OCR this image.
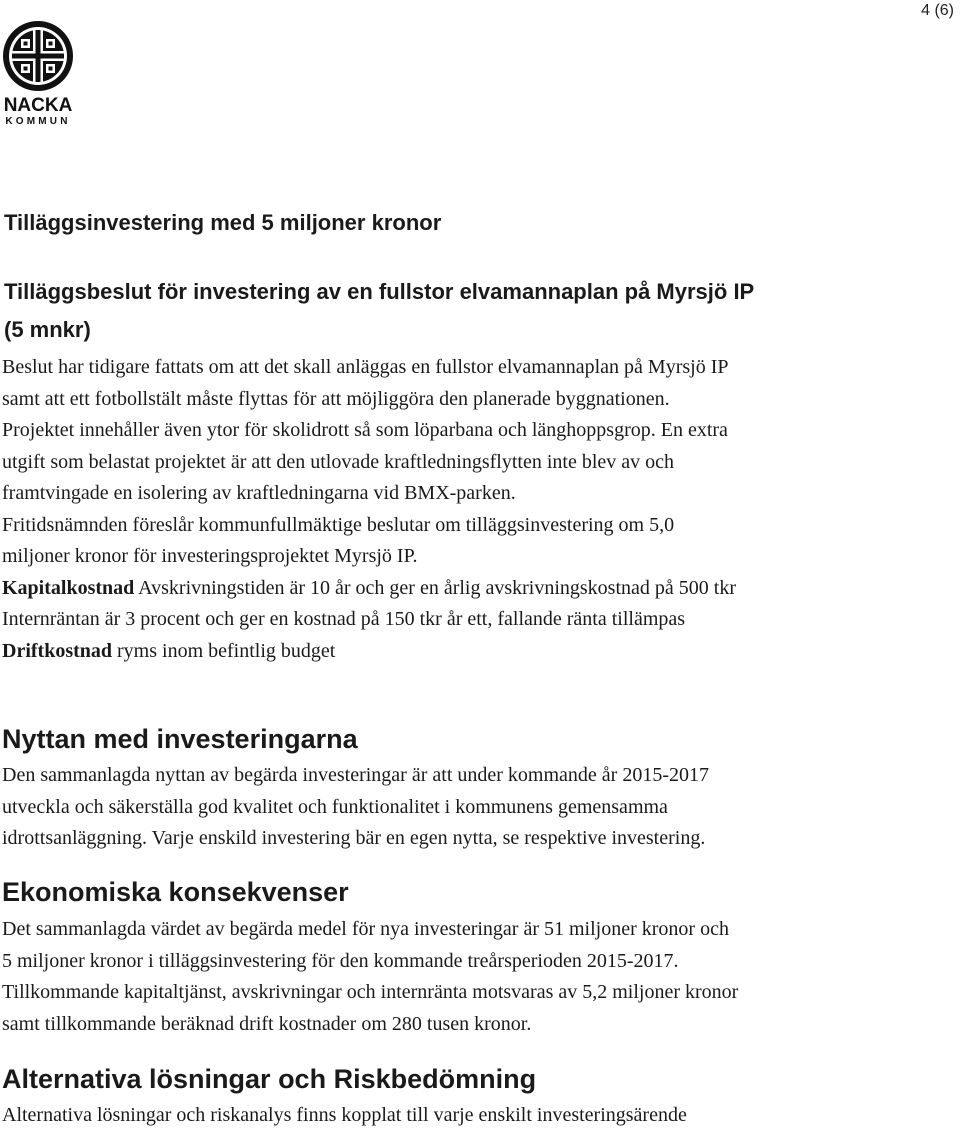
4 (6)
NACKA
KOMMUN
Tilläggsinvestering med 5 miljoner kronor
Tilläggsbeslut för investering av en fullstor elvamannaplan på Myrsjö IP
(5 mnkr)
Beslut har tidigare fattats om att det skall anläggas en fullstor elvamannaplan på Myrsjö IP
samt att ett fotbollstält måste flyttas för att möjliggöra den planerade byggnationen.
Projektet innehåller även ytor för skolidrott så som löparbana och länghoppsgrop. En extra
utgift som belastat projektet är att den utlovade kraftledningsflytten inte blev av och
framtvingade en isolering av kraftledningarna vid BMX-parken.
Fritidsnämnden föreslår kommunfullmäktige beslutar om tilläggsinvestering om 5,0
miljoner kronor för investeringsprojektet Myrsjö IP.
Kapitalkostnad Avskrivningstiden är 10 år och ger en årlig avskrivningskostnad på 500 tkr
Internräntan är 3 procent och ger en kostnad på 150 tkr år ett, fallande ränta tillämpas
Driftkostnad ryms inom befintlig budget
Nyttan med investeringarna
Den sammanlagda nyttan av begärda investeringar är att under kommande år 2015-2017
utveckla och säkerställa god kvalitet och funktionalitet i kommunens gemensamma
idrottsanläggning. Varje enskild investering bär en egen nytta, se respektive investering.
Ekonomiska konsekvenser
Det sammanlagda värdet av begärda medel för nya investeringar är 51 miljoner kronor och
5 miljoner kronor i tilläggsinvestering för den kommande treårsperioden 2015-2017.
Tillkommande kapitaltjänst, avskrivningar och internränta motsvaras av 5,2 miljoner kronor
samt tillkommande beräknad drift kostnader om 280 tusen kronor.
Alternativa lösningar och Riskbedömning
Alternativa lösningar och riskanalys finns kopplat till varje enskilt investeringsärende
